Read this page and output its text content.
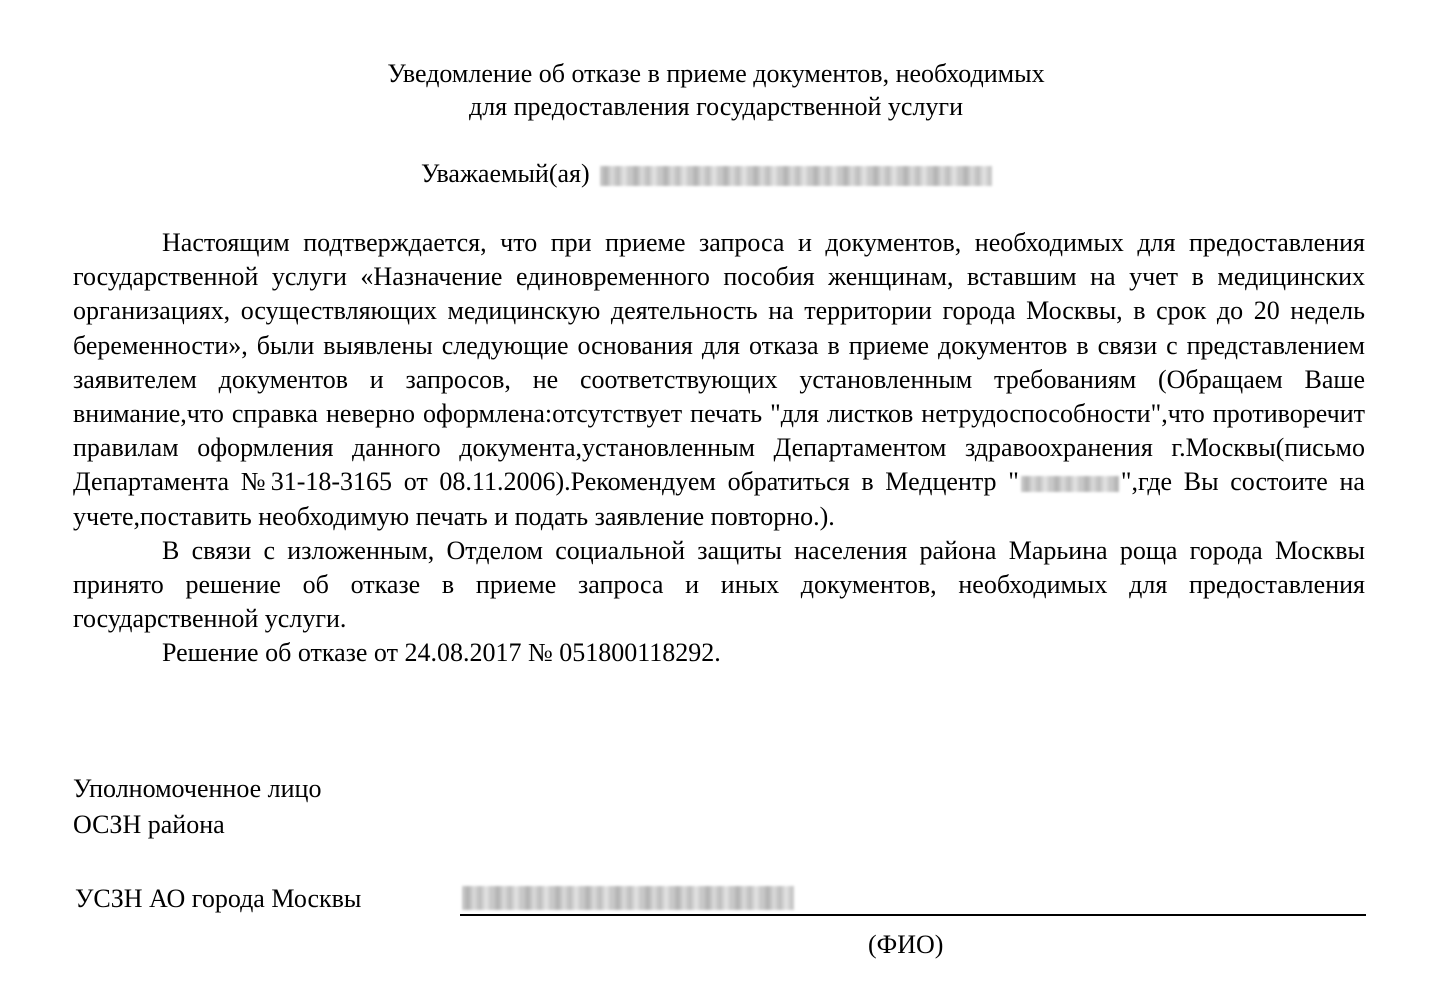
Уведомление об отказе в приеме документов, необходимых
для предоставления государственной услуги
Уважаемый(ая)

Настоящим подтверждается, что при приеме запроса и документов, необходимых для предоставления государственной услуги «Назначение единовременного пособия женщинам, вставшим на учет в медицинских организациях, осуществляющих медицинскую деятельность на территории города Москвы, в срок до 20 недель беременности», были выявлены следующие основания для отказа в приеме документов в связи с представлением заявителем документов и запросов, не соответствующих установленным требованиям (Обращаем Ваше внимание,что справка неверно оформлена:отсутствует печать "для листков нетрудоспособности",что противоречит правилам оформления данного документа,установленным Департаментом здравоохранения г.Москвы(письмо Департамента №31-18-3165 от 08.11.2006).Рекомендуем обратиться в Медцентр "	",где Вы состоите на учете,поставить необходимую печать и подать заявление повторно.).

В связи с изложенным, Отделом социальной защиты населения района Марьина роща города Москвы принято решение об отказе в приеме запроса и иных документов, необходимых для предоставления государственной услуги.

Решение об отказе от 24.08.2017 № 051800118292.

Уполномоченное лицо
ОСЗН района
УСЗН АО города Москвы
(ФИО)
